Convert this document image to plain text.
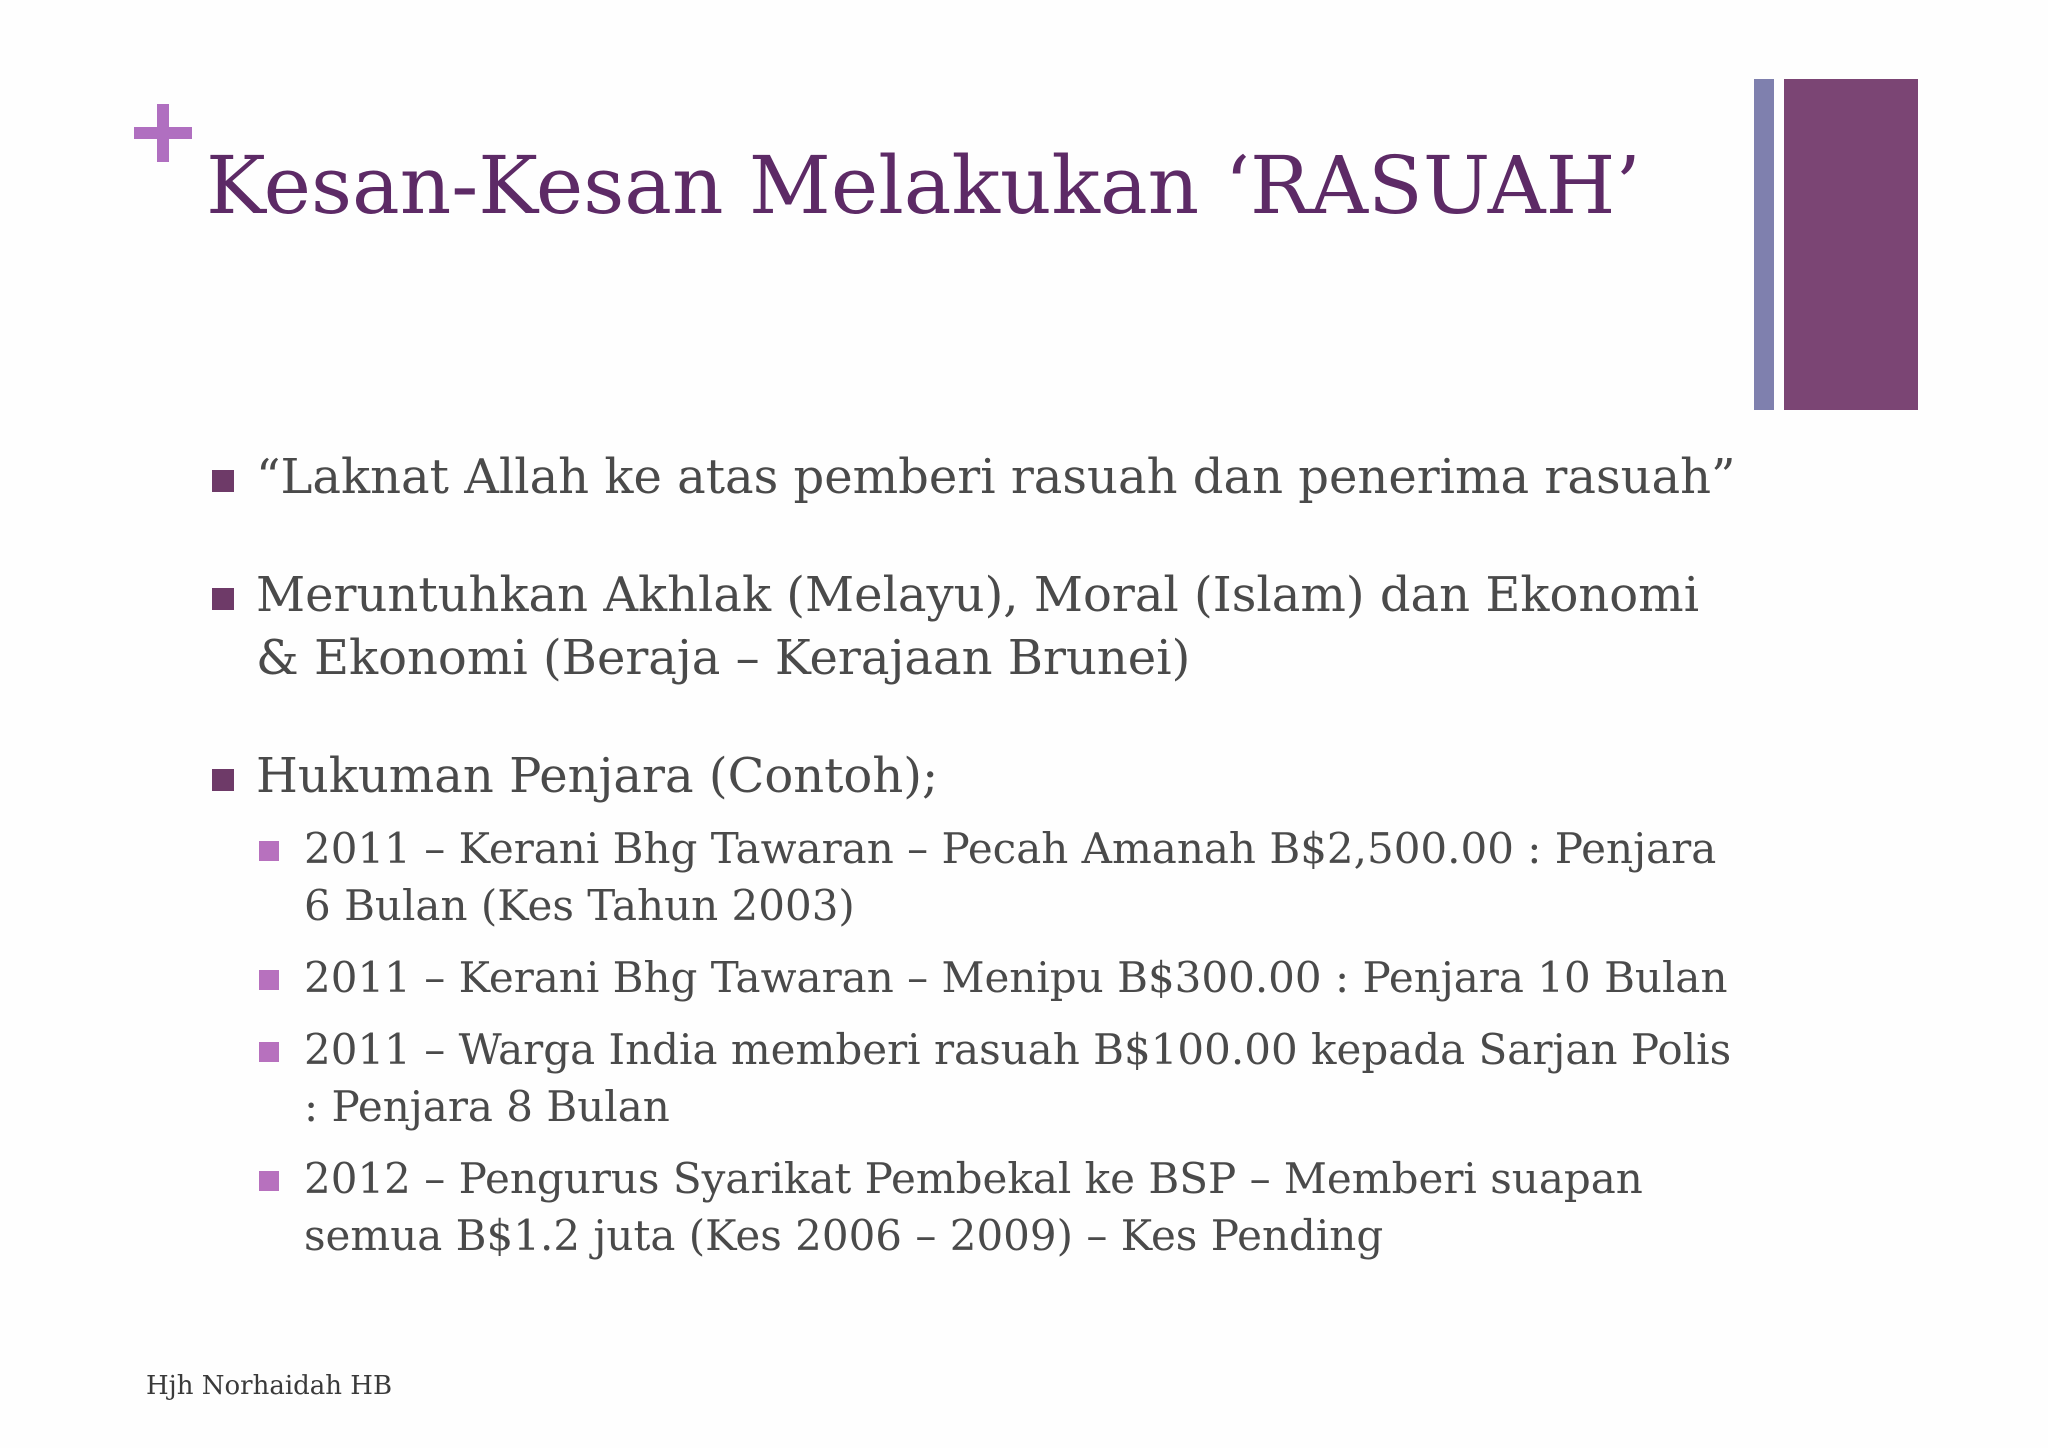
Kesan-Kesan Melakukan ‘RASUAH’
“Laknat Allah ke atas pemberi rasuah dan penerima rasuah”
Meruntuhkan Akhlak (Melayu), Moral (Islam) dan Ekonomi & Ekonomi (Beraja – Kerajaan Brunei)
Hukuman Penjara (Contoh);
2011 – Kerani Bhg Tawaran – Pecah Amanah B$2,500.00 : Penjara 6 Bulan (Kes Tahun 2003)
2011 – Kerani Bhg Tawaran – Menipu B$300.00 : Penjara 10 Bulan
2011 – Warga India memberi rasuah B$100.00 kepada Sarjan Polis : Penjara 8 Bulan
2012 – Pengurus Syarikat Pembekal ke BSP – Memberi suapan semua B$1.2 juta (Kes 2006 – 2009) – Kes Pending
Hjh Norhaidah HB
